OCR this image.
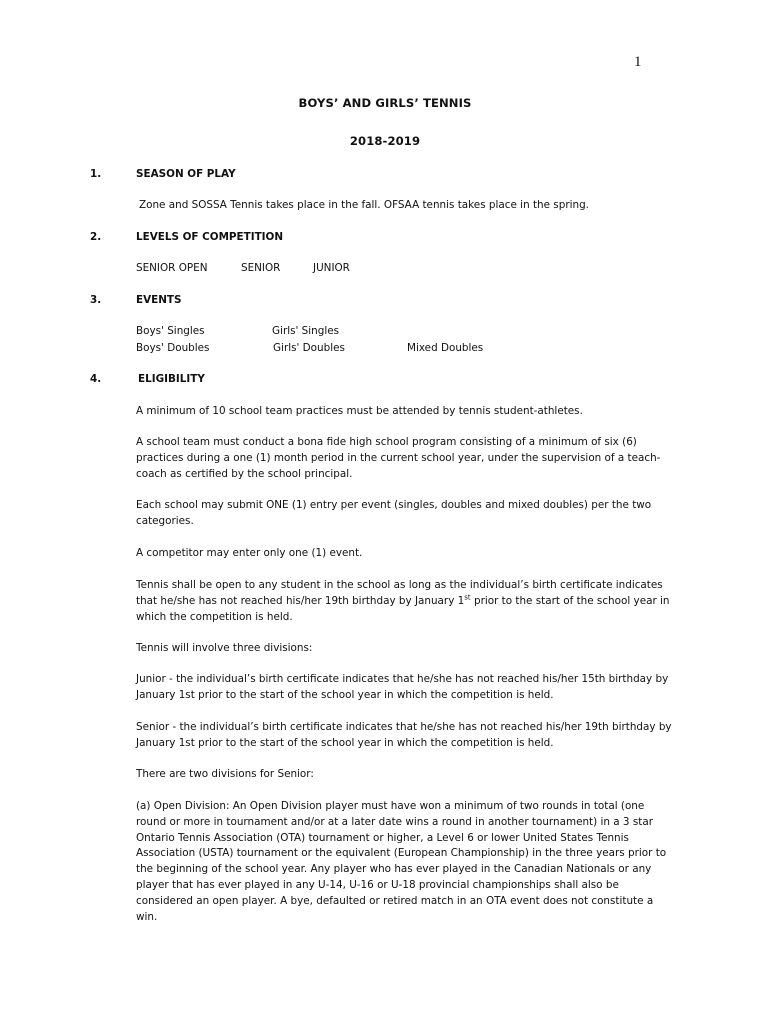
1
BOYS’ AND GIRLS’ TENNIS
2018-2019
1.	SEASON OF PLAY
Zone and SOSSA Tennis takes place in the fall. OFSAA tennis takes place in the spring.
2.	LEVELS OF COMPETITION
SENIOR OPEN	SENIOR	JUNIOR
3.	EVENTS
Boys' Singles	Girls' Singles
Boys' Doubles	Girls' Doubles	Mixed Doubles
4.	ELIGIBILITY
A minimum of 10 school team practices must be attended by tennis student-athletes.
A school team must conduct a bona fide high school program consisting of a minimum of six (6) practices during a one (1) month period in the current school year, under the supervision of a teach-coach as certified by the school principal.
Each school may submit ONE (1) entry per event (singles, doubles and mixed doubles) per the two categories.
A competitor may enter only one (1) event.
Tennis shall be open to any student in the school as long as the individual’s birth certificate indicates that he/she has not reached his/her 19th birthday by January 1st prior to the start of the school year in which the competition is held.
Tennis will involve three divisions:
Junior - the individual’s birth certificate indicates that he/she has not reached his/her 15th birthday by January 1st prior to the start of the school year in which the competition is held.
Senior - the individual’s birth certificate indicates that he/she has not reached his/her 19th birthday by January 1st prior to the start of the school year in which the competition is held.
There are two divisions for Senior:
(a) Open Division: An Open Division player must have won a minimum of two rounds in total (one round or more in tournament and/or at a later date wins a round in another tournament) in a 3 star Ontario Tennis Association (OTA) tournament or higher, a Level 6 or lower United States Tennis Association (USTA) tournament or the equivalent (European Championship) in the three years prior to the beginning of the school year. Any player who has ever played in the Canadian Nationals or any player that has ever played in any U-14, U-16 or U-18 provincial championships shall also be considered an open player. A bye, defaulted or retired match in an OTA event does not constitute a win.
